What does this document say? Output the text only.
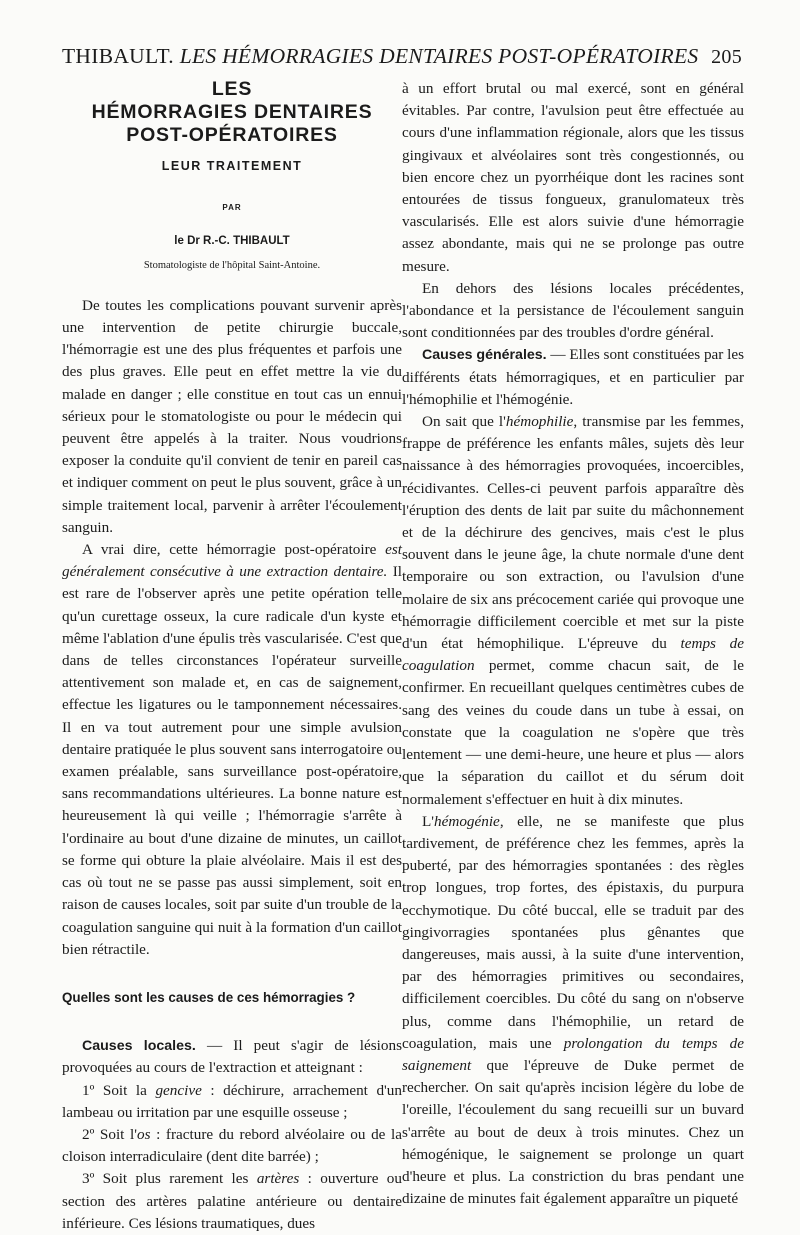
THIBAULT. LES HÉMORRAGIES DENTAIRES POST-OPÉRATOIRES 205
LES
HÉMORRAGIES DENTAIRES
POST-OPÉRATOIRES
LEUR TRAITEMENT
PAR
le Dr R.-C. THIBAULT
Stomatologiste de l'hôpital Saint-Antoine.

De toutes les complications pouvant survenir après une intervention de petite chirurgie buccale, l'hémorragie est une des plus fréquentes et parfois une des plus graves. Elle peut en effet mettre la vie du malade en danger ; elle constitue en tout cas un ennui sérieux pour le stomatologiste ou pour le médecin qui peuvent être appelés à la traiter. Nous voudrions exposer la conduite qu'il convient de tenir en pareil cas et indiquer comment on peut le plus souvent, grâce à un simple traitement local, parvenir à arrêter l'écoulement sanguin.

A vrai dire, cette hémorragie post-opératoire est généralement consécutive à une extraction dentaire. Il est rare de l'observer après une petite opération telle qu'un curettage osseux, la cure radicale d'un kyste et même l'ablation d'une épulis très vascularisée. C'est que dans de telles circonstances l'opérateur surveille attentivement son malade et, en cas de saignement, effectue les ligatures ou le tamponnement nécessaires. Il en va tout autrement pour une simple avulsion dentaire pratiquée le plus souvent sans interrogatoire ou examen préalable, sans surveillance post-opératoire, sans recommandations ultérieures. La bonne nature est heureusement là qui veille ; l'hémorragie s'arrête à l'ordinaire au bout d'une dizaine de minutes, un caillot se forme qui obture la plaie alvéolaire. Mais il est des cas où tout ne se passe pas aussi simplement, soit en raison de causes locales, soit par suite d'un trouble de la coagulation sanguine qui nuit à la formation d'un caillot bien rétractile.

Quelles sont les causes de ces hémorragies ?

Causes locales. — Il peut s'agir de lésions provoquées au cours de l'extraction et atteignant :

1º Soit la gencive : déchirure, arrachement d'un lambeau ou irritation par une esquille osseuse ;

2º Soit l'os : fracture du rebord alvéolaire ou de la cloison interradiculaire (dent dite barrée) ;

3º Soit plus rarement les artères : ouverture ou section des artères palatine antérieure ou dentaire inférieure. Ces lésions traumatiques, dues

à un effort brutal ou mal exercé, sont en général évitables. Par contre, l'avulsion peut être effectuée au cours d'une inflammation régionale, alors que les tissus gingivaux et alvéolaires sont très congestionnés, ou bien encore chez un pyorrhéique dont les racines sont entourées de tissus fongueux, granulomateux très vascularisés. Elle est alors suivie d'une hémorragie assez abondante, mais qui ne se prolonge pas outre mesure.

En dehors des lésions locales précédentes, l'abondance et la persistance de l'écoulement sanguin sont conditionnées par des troubles d'ordre général.

Causes générales. — Elles sont constituées par les différents états hémorragiques, et en particulier par l'hémophilie et l'hémogénie.

On sait que l'hémophilie, transmise par les femmes, frappe de préférence les enfants mâles, sujets dès leur naissance à des hémorragies provoquées, incoercibles, récidivantes. Celles-ci peuvent parfois apparaître dès l'éruption des dents de lait par suite du mâchonnement et de la déchirure des gencives, mais c'est le plus souvent dans le jeune âge, la chute normale d'une dent temporaire ou son extraction, ou l'avulsion d'une molaire de six ans précocement cariée qui provoque une hémorragie difficilement coercible et met sur la piste d'un état hémophilique. L'épreuve du temps de coagulation permet, comme chacun sait, de le confirmer. En recueillant quelques centimètres cubes de sang des veines du coude dans un tube à essai, on constate que la coagulation ne s'opère que très lentement — une demi-heure, une heure et plus — alors que la séparation du caillot et du sérum doit normalement s'effectuer en huit à dix minutes.

L'hémogénie, elle, ne se manifeste que plus tardivement, de préférence chez les femmes, après la puberté, par des hémorragies spontanées : des règles trop longues, trop fortes, des épistaxis, du purpura ecchymotique. Du côté buccal, elle se traduit par des gingivorragies spontanées plus gênantes que dangereuses, mais aussi, à la suite d'une intervention, par des hémorragies primitives ou secondaires, difficilement coercibles. Du côté du sang on n'observe plus, comme dans l'hémophilie, un retard de coagulation, mais une prolongation du temps de saignement que l'épreuve de Duke permet de rechercher. On sait qu'après incision légère du lobe de l'oreille, l'écoulement du sang recueilli sur un buvard s'arrête au bout de deux à trois minutes. Chez un hémogénique, le saignement se prolonge un quart d'heure et plus. La constriction du bras pendant une dizaine de minutes fait également apparaître un piqueté
